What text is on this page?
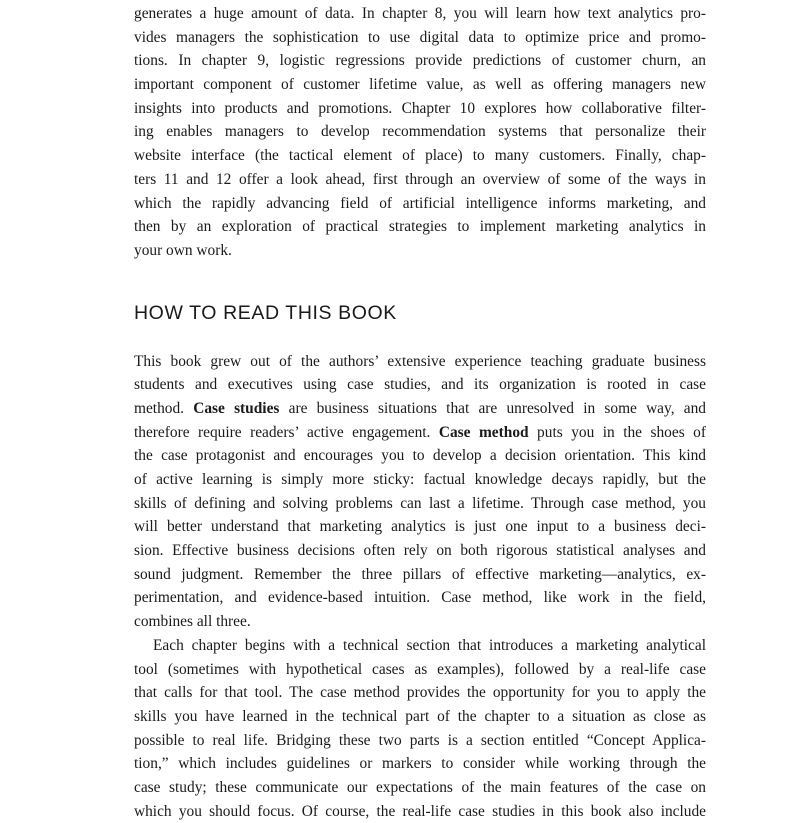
generates a huge amount of data. In chapter 8, you will learn how text analytics pro-
vides managers the sophistication to use digital data to optimize price and promo-
tions. In chapter 9, logistic regressions provide predictions of customer churn, an
important component of customer lifetime value, as well as offering managers new
insights into products and promotions. Chapter 10 explores how collaborative filter-
ing enables managers to develop recommendation systems that personalize their
website interface (the tactical element of place) to many customers. Finally, chap-
ters 11 and 12 offer a look ahead, first through an overview of some of the ways in
which the rapidly advancing field of artificial intelligence informs marketing, and
then by an exploration of practical strategies to implement marketing analytics in
your own work.
HOW TO READ THIS BOOK
This book grew out of the authors’ extensive experience teaching graduate business
students and executives using case studies, and its organization is rooted in case
method. Case studies are business situations that are unresolved in some way, and
therefore require readers’ active engagement. Case method puts you in the shoes of
the case protagonist and encourages you to develop a decision orientation. This kind
of active learning is simply more sticky: factual knowledge decays rapidly, but the
skills of defining and solving problems can last a lifetime. Through case method, you
will better understand that marketing analytics is just one input to a business deci-
sion. Effective business decisions often rely on both rigorous statistical analyses and
sound judgment. Remember the three pillars of effective marketing—analytics, ex-
perimentation, and evidence-based intuition. Case method, like work in the field,
combines all three.
Each chapter begins with a technical section that introduces a marketing analytical
tool (sometimes with hypothetical cases as examples), followed by a real-life case
that calls for that tool. The case method provides the opportunity for you to apply the
skills you have learned in the technical part of the chapter to a situation as close as
possible to real life. Bridging these two parts is a section entitled “Concept Applica-
tion,” which includes guidelines or markers to consider while working through the
case study; these communicate our expectations of the main features of the case on
which you should focus. Of course, the real-life case studies in this book also include
